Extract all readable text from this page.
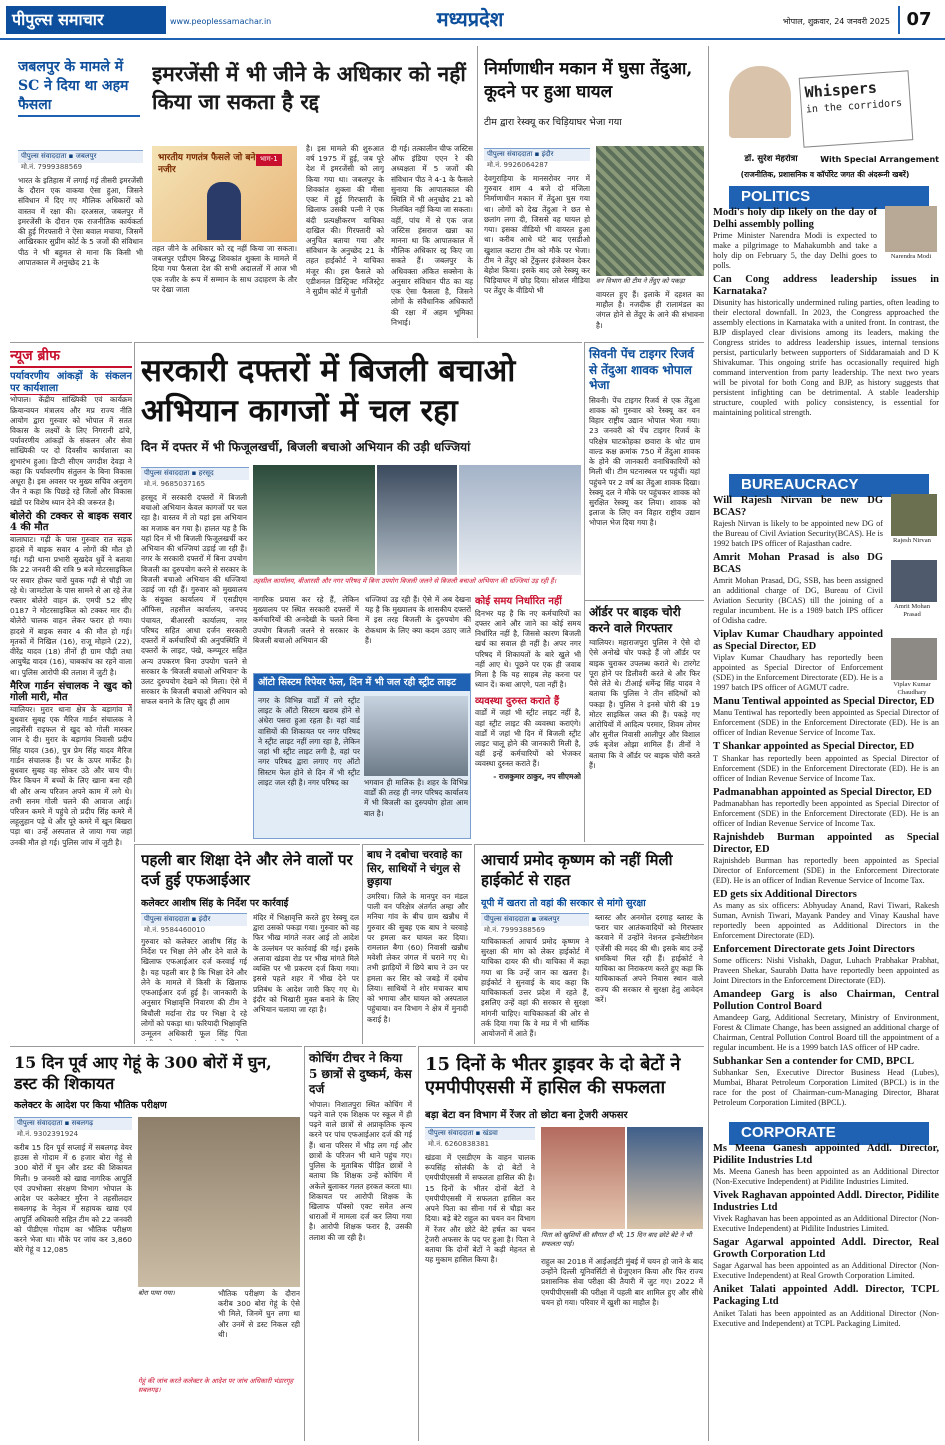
पीपुल्स समाचार	www.peoplessamachar.in	मध्यप्रदेश	भोपाल, शुक्रवार, 24 जनवरी 2025 07
जबलपुर के मामले में SC ने दिया था अहम फैसला
इमरजेंसी में भी जीने के अधिकार को नहीं किया जा सकता है रद्द
पीपुल्स संवाददाता ▪ जबलपुर
मो.नं. 7999388569
भारत के इतिहास में लगाई गई तीसरी इमरजेंसी के दौरान एक वाकया ऐसा हुआ, जिसने संविधान में दिए गए मौलिक अधिकारों को वास्तव में रक्षा की। दरअसल, जबलपुर में इमरजेंसी के दौरान एक राजनीतिक कार्यकर्ता की हुई गिरफ्तारी ने ऐसा बवाल मचाया, जिसमें आखिरकार सुप्रीम कोर्ट के 5 जजों की संविधान पीठ ने भी बहुमत से माना कि किसी भी आपातकाल में अनुच्छेद 21 के
भारतीय गणतंत्र फैसले जो बने नजीर
भाग-1
तहत जीने के अधिकार को रद्द नहीं किया जा सकता। जबलपुर एडीएम बिरुद्ध शिवकांत शुक्ला के मामले में दिया गया फैसला देश की सभी अदालतों में आज भी एक नजीर के रूप में सम्मान के साथ उदाहरण के तौर पर देखा जाता
है। इस मामले की शुरुआत वर्ष 1975 में हुई, जब पूरे देश में इमरजेंसी को लागू किया गया था। जबलपुर के शिवकांत शुक्ला की मीसा एक्ट में हुई गिरफ्तारी के खिलाफ उसकी पत्नी ने एक बंदी प्रत्यक्षीकरण याचिका दाखिल की। गिरफ्तारी को अनुचित बताया गया और संविधान के अनुच्छेद 21 के तहत हाईकोर्ट ने याचिका मंजूर की। इस फैसले को एडीशनल डिस्ट्रिक्ट मजिस्ट्रेट ने सुप्रीम कोर्ट में चुनौती
दी गई। तत्कालीन चीफ जस्टिस ऑफ इंडिया एएन रे की अध्यक्षता में 5 जजों की संविधान पीठ ने 4-1 के फैसले सुनाया कि आपातकाल की स्थिति में भी अनुच्छेद 21 को निलंबित नहीं किया जा सकता। वहीं, पांच में से एक जज जस्टिस हंसराज खन्ना का मानना था कि आपातकाल में मौलिक अधिकार रद्द किए जा सकते हैं। जबलपुर के अधिवक्ता अंकित सक्सेना के अनुसार संविधान पीठ का यह एक ऐसा फैसला है, जिसने लोगों के संवैधानिक अधिकारों की रक्षा में अहम भूमिका निभाई।
निर्माणाधीन मकान में घुसा तेंदुआ, कूदने पर हुआ घायल
टीम द्वारा रेस्क्यू कर चिड़ियाघर भेजा गया
पीपुल्स संवाददाता ▪ इंदौर
मो.नं. 9926064287
देवगुराड़िया के मानसरोवर नगर में गुरुवार शाम 4 बजे दो मंजिला निर्माणाधीन मकान में तेंदुआ घुस गया था। लोगों को देख तेंदुआ ने छत से छलांग लगा दी, जिससे वह घायल हो गया। इसका वीडियो भी वायरल हुआ था। करीब आधे घंटे बाद एसडीओ खुशाल कटारा टीम को मौके पर भेजा। टीम ने तेंदुए को ट्रेंकुलर इंजेक्शन देकर बेहोश किया। इसके बाद उसे रेस्क्यू कर चिड़ियाघर में छोड़ दिया। सोशल मीडिया पर तेंदुए के वीडियो भी
वन विभाग की टीम ने तेंदुए को पकड़ा
वायरल हुए हैं। इलाके में दहशत का माहौल है। नजदीक ही रालामंडल का जंगल होने से तेंदुए के आने की संभावना है।
Whispers
in the corridors
डॉ. सुरेश मेहरोत्रा	With Special Arrangement
(राजनीतिक, प्रशासनिक व कॉर्पोरेट जगत की अंदरूनी खबरें)
POLITICS
Narendra Modi
Modi's holy dip likely on the day of Delhi assembly polling
Prime Minister Narendra Modi is expected to make a pilgrimage to Mahakumbh and take a holy dip on February 5, the day Delhi goes to polls.
Can Cong address leadership issues in Karnataka?
Disunity has historically undermined ruling parties, often leading to their electoral downfall. In 2023, the Congress approached the assembly elections in Karnataka with a united front. In contrast, the BJP displayed clear divisions among its leaders, making the Congress strides to address leadership issues, internal tensions persist, particularly between supporters of Siddaramaiah and D K Shivakumar. This ongoing strife has occasionally required high command intervention from party leadership. The next two years will be pivotal for both Cong and BJP, as history suggests that persistent infighting can be detrimental. A stable leadership structure, coupled with policy consistency, is essential for maintaining political strength.
BUREAUCRACY
Rajesh Nirvan
Amrit Mohan Prasad
Viplav Kumar Chaudhary
Will Rajesh Nirvan be new DG BCAS?
Rajesh Nirvan is likely to be appointed new DG of the Bureau of Civil Aviation Security(BCAS). He is 1992 batch IPS officer of Rajasthan cadre.
Amrit Mohan Prasad is also DG BCAS
Amrit Mohan Prasad, DG, SSB, has been assigned an additional charge of DG, Bureau of Civil Aviation Security (BCAS) till the joining of a regular incumbent. He is a 1989 batch IPS officer of Odisha cadre.
Viplav Kumar Chaudhary appointed as Special Director, ED
Viplav Kumar Chaudhary has reportedly been appointed as Special Director of Enforcement (SDE) in the Enforcement Directorate (ED). He is a 1997 batch IPS officer of AGMUT cadre.
Manu Tentiwal appointed as Special Director, ED
Manu Tentiwal has reportedly been appointed as Special Director of Enforcement (SDE) in the Enforcement Directorate (ED). He is an officer of Indian Revenue Service of Income Tax.
T Shankar appointed as Special Director, ED
T Shankar has reportedly been appointed as Special Director of Enforcement (SDE) in the Enforcement Directorate (ED). He is an officer of Indian Revenue Service of Income Tax.
Padmanabhan appointed as Special Director, ED
Padmanabhan has reportedly been appointed as Special Director of Enforcement (SDE) in the Enforcement Directorate (ED). He is an officer of Indian Revenue Service of Income Tax.
Rajnishdeb Burman appointed as Special Director, ED
Rajnishdeb Burman has reportedly been appointed as Special Director of Enforcement (SDE) in the Enforcement Directorate (ED). He is an officer of Indian Revenue Service of Income Tax.
ED gets six Additional Directors
As many as six officers: Abhyuday Anand, Ravi Tiwari, Rakesh Suman, Avnish Tiwari, Mayank Pandey and Vinay Kaushal have reportedly been appointed as Additional Directors in the Enforcement Directorate (ED).
Enforcement Directorate gets Joint Directors
Some officers: Nishi Vishakh, Dagur, Luhach Prabhakar Prabhat, Praveen Shekar, Saurabh Datta have reportedly been appointed as Joint Directors in the Enforcement Directorate (ED).
Amandeep Garg is also Chairman, Central Pollution Control Board
Amandeep Garg, Additional Secretary, Ministry of Environment, Forest & Climate Change, has been assigned an additional charge of Chairman, Central Pollution Control Board till the appointment of a regular incumbent. He is a 1999 batch IAS officer of HP cadre.
Subhankar Sen a contender for CMD, BPCL
Subhankar Sen, Executive Director Business Head (Lubes), Mumbai, Bharat Petroleum Corporation Limited (BPCL) is in the race for the post of Chairman-cum-Managing Director, Bharat Petroleum Corporation Limited (BPCL).
CORPORATE
Ms Meena Ganesh appointed Addl. Director, Pidilite Industries Ltd
Ms. Meena Ganesh has been appointed as an Additional Director (Non-Executive Independent) at Pidilite Industries Limited.
Vivek Raghavan appointed Addl. Director, Pidilite Industries Ltd
Vivek Raghavan has been appointed as an Additional Director (Non-Executive Independent) at Pidilite Industries Limited.
Sagar Agarwal appointed Addl. Director, Real Growth Corporation Ltd
Sagar Agarwal has been appointed as an Additional Director (Non-Executive Independent) at Real Growth Corporation Limited.
Aniket Talati appointed Addl. Director, TCPL Packaging Ltd
Aniket Talati has been appointed as an Additional Director (Non-Executive and Independent) at TCPL Packaging Limited.
न्यूज ब्रीफ
पर्यावरणीय आंकड़ों के संकलन पर कार्यशाला
भोपाल। केंद्रीय सांख्यिकी एवं कार्यक्रम क्रियान्वयन मंत्रालय और मप्र राज्य नीति आयोग द्वारा गुरुवार को भोपाल में सतत विकास के लक्ष्यों के लिए निगरानी ढांचे, पर्यावरणीय आंकड़ों के संकलन और सेवा सांख्यिकी पर दो दिवसीय कार्यशाला का शुभारंभ हुआ। डिप्टी सीएम जगदीश देवड़ा ने कहा कि पर्यावरणीय संतुलन के बिना विकास अधूरा है। इस अवसर पर मुख्य सचिव अनुराग जैन ने कहा कि पिछड़े रहे जिलों और विकास खंडों पर विशेष ध्यान देने की जरूरत है।
बोलेरो की टक्कर से बाइक सवार 4 की मौत
बालाघाट। गढ़ी के पास गुरुवार रात सड़क हादसे में बाइक सवार 4 लोगों की मौत हो गई। गढ़ी थाना प्रभारी सुखदेव धुर्वे ने बताया कि 22 जनवरी की रात्रि 9 बजे मोटरसाइकिल पर सवार होकर चारों युवक गढ़ी से चौड़ी जा रहे थे। जामटोला के पास सामने से आ रहे तेज रफ्तार बोलेरो वाहन क्रं. एमपी 52 सीए 0187 ने मोटरसाइकिल को टक्कर मार दी। बोलेरो चालक वाहन लेकर फरार हो गया। हादसे में बाइक सवार 4 की मौत हो गई। मृतकों में निखिल (16), राजू मोहाने (22), वीरेंद्र यादव (18) तीनों ही ग्राम पौढ़ी तथा आयुषेंद्र यादव (16), चाबकांच का रहने वाला था। पुलिस आरोपी की तलाश में जुटी है।
मैरिज गार्डन संचालक ने खुद को गोली मारी, मौत
ग्वालियर। मुरार थाना क्षेत्र के बड़ागांव में बुधवार सुबह एक मैरिज गार्डन संचालक ने लाइसेंसी राइफल से खुद को गोली मारकर जान दे दी। मुरार के बड़ागांव निवासी प्रदीप सिंह यादव (36), पुत्र प्रेम सिंह यादव मैरिज गार्डन संचालक हैं। घर के ऊपर मार्केट है। बुधवार सुबह वह सोकर उठे और चाय पी। फिर किचन में बच्चों के लिए खाना बना रही थी और अन्य परिजन अपने काम में लगे थे। तभी सनम गोली चलने की आवाज आई। परिजन कमरे में पहुंचे तो प्रदीप सिंह कमरे में लहूलुहान पड़े थे और पूरे कमरे में खून बिखरा पड़ा था। उन्हें अस्पताल ले जाया गया जहां उनकी मौत हो गई। पुलिस जांच में जुटी है।
सरकारी दफ्तरों में बिजली बचाओ अभियान कागजों में चल रहा
दिन में दफ्तर में भी फिजूलखर्ची, बिजली बचाओ अभियान की उड़ी धज्जियां
पीपुल्स संवाददाता ▪ हरसूद
मो.नं. 9685037165
हरसूद में सरकारी दफ्तरों में बिजली बचाओ अभियान केवल कागजों पर चल रहा है। वास्तव में तो यहां इस अभियान का मजाक बन गया है। हालत यह है कि यहां दिन में भी बिजली फिजूलखर्ची कर अभियान की धज्जियां उड़ाई जा रही हैं। नगर के सरकारी दफ्तरों में बिना उपयोग बिजली का दुरुपयोग करने से सरकार के बिजली बचाओ अभियान की धज्जियां उड़ाई जा रही हैं। गुरुवार को मुख्यालय के संयुक्त कार्यालय में एसडीएम ऑफिस, तहसील कार्यालय, जनपद पंचायत, बीआरसी कार्यालय, नगर परिषद सहित आधा दर्जन सरकारी दफ्तरों में कर्मचारियों की अनुपस्थिति में दफ्तरों के लाइट, पंखे, कम्प्यूटर सहित अन्य उपकरण बिना उपयोग चलने से सरकार के 'बिजली बचाओ अभियान' के उलट दुरुपयोग देखने को मिला। ऐसे में सरकार के बिजली बचाओ अभियान को सफल बनाने के लिए खुद ही आम
तहसील कार्यालय, बीआरसी और नगर परिषद में बिना उपयोग बिजली जलने से बिजली बचाओ अभियान की धज्जियां उड़ रही हैं।
नागरिक प्रयास कर रहे हैं, लेकिन मुख्यालय पर स्थित सरकारी दफ्तरों में कर्मचारियों की अनदेखी के चलते बिना उपयोग बिजली जलने से सरकार के बिजली बचाओ अभियान की
धज्जियां उड़ रही हैं। ऐसे में अब देखना यह है कि मुख्यालय के शासकीय दफ्तरों में इस तरह बिजली के दुरुपयोग की रोकथाम के लिए क्या कदम उठाए जाते हैं।
ऑटो सिस्टम रिपेयर फेल, दिन में भी जल रही स्ट्रीट लाइट
नगर के विभिन्न वार्डों में लगे स्ट्रीट लाइट के ऑटो सिस्टम खराब होने से अंधेरा पसरा हुआ रहता है। वहां वार्ड वासियों की शिकायत पर नगर परिषद ने स्ट्रीट लाइट नहीं लगा रहा है, लेकिन जहां भी स्ट्रीट लाइट लगी है, वहां पर नगर परिषद द्वारा लगाए गए ऑटो सिस्टम फेल होने से दिन में भी स्ट्रीट लाइट जल रही है। नगर परिषद का	भगवान ही मालिक है। शहर के विभिन्न वार्डों की तरह ही नगर परिषद कार्यालय में भी बिजली का दुरुपयोग होता आम बात है।
कोई समय निर्धारित नहीं
दिनभर यह है कि नए कर्मचारियों का दफ्तर आने और जाने का कोई समय निर्धारित नहीं है, जिससे कारण बिजली खर्च का सवाल ही नहीं है। अपर नगर परिषद में शिकायतों के बारे खुले भी नहीं आए थे। पूछने पर एक ही जवाब मिला है कि यह साहब लेह करना पर ध्यान दें। कथा आएगे, पता नहीं है।
व्यवस्था दुरुस्त कराते हैं
वार्डों में जहां भी स्ट्रीट लाइट नहीं है, वहां स्ट्रीट लाइट की व्यवस्था कराएंगे। वार्डों में जहां भी दिन में बिजली स्ट्रीट लाइट चालू होने की जानकारी मिली है, वहीं इन्हें कर्मचारियों को भेजकर व्यवस्था दुरुस्त कराते हैं।
- राजकुमार ठाकुर, नप सीएमओ
सिवनी पेंच टाइगर रिजर्व से तेंदुआ शावक भोपाल भेजा
सिवनी। पेंच टाइगर रिजर्व से एक तेंदुआ शावक को गुरुवार को रेस्क्यू कर वन विहार राष्ट्रीय उद्यान भोपाल भेजा गया। 23 जनवरी को पेंच टाइगर रिजर्व के परिक्षेत्र घाटकोहका छवारा के थोट ग्राम वाल्ड कक्ष क्रमांक 750 में तेंदुआ शावक के होने की जानकारी वनाधिकारियों को मिली थी। टीम घटनास्थल पर पहुंचीं। यहां पहुंचने पर 2 वर्ष का तेंदुआ शावक दिखा। रेस्क्यू दल ने मौके पर पहुंचकर शावक को सुरक्षित रेस्क्यू कर लिया। शावक को इलाज के लिए वन विहार राष्ट्रीय उद्यान भोपाल भेज दिया गया है।
ऑर्डर पर बाइक चोरी करने वाले गिरफ्तार
ग्वालियर। महाराजपुरा पुलिस ने ऐसे दो ऐसे अनोखे चोर पकड़े हैं जो ऑर्डर पर बाइक चुराकर उपलब्ध कराते थे। टारगेट पूरा होने पर डिलीवरी करते थे और फिर पैसे लेते थे। टीआई धर्मेन्द्र सिंह यादव ने बताया कि पुलिस ने तीन संदिग्धों को पकड़ा है। पुलिस ने इनसे चोरी की 19 मोटर साइकिल जब्त की हैं। पकड़े गए आरोपियों में आदित्य परमार, शिवम तोमर और सुनील निवासी आलीपुर और विशाल उर्फ बृजेश ओझा शामिल हैं। तीनों ने बताया कि वे ऑर्डर पर बाइक चोरी करते हैं।
पहली बार शिक्षा देने और लेने वालों पर दर्ज हुई एफआईआर
कलेक्टर आशीष सिंह के निर्देश पर कार्रवाई
पीपुल्स संवाददाता ▪ इंदौर
मो.नं. 9584460010
गुरुवार को कलेक्टर आशीष सिंह के निर्देश पर भिक्षा लेने और देने वाले के खिलाफ एफआईआर दर्ज करवाई गई है। यह पहली बार है कि भिक्षा देने और लेने के मामले में किसी के खिलाफ एफआईआर दर्ज हुई है। जानकारी के अनुसार भिक्षावृत्ति निवारण की टीम ने बिचौली मर्दाना रोड पर भिक्षा दे रहे लोगों को पकड़ा था। फरियादी भिक्षावृत्ति उन्मूलन अधिकारी फूल सिंह पिता
मंदिर में भिक्षावृत्ति करते हुए रेस्क्यू दल द्वारा उसको पकड़ा गया। गुरुवार को वह फिर भीख मांगते नजर आई तो आदेश के उल्लंघन पर कार्रवाई की गई। इसके अलावा खंडवा रोड पर भीख मांगते मिले व्यक्ति पर भी प्रकरण दर्ज किया गया। इससे पहले शहर में भीख देने पर प्रतिबंध के आदेश जारी किए गए थे। इंदौर को भिखारी मुक्त बनाने के लिए अभियान चलाया जा रहा है।
बाघ ने दबोचा चरवाहे का सिर, साथियों ने चंगुल से छुड़ाया
उमरिया। जिले के मानपुर वन मंडल पाली वन परिक्षेत्र अंतर्गत अम्हा और मनिया गांव के बीच ग्राम खन्नौध में गुरुवार की सुबह एक बाघ ने चरवाहे पर हमला कर घायल कर दिया। रामलाल बैगा (60) निवासी खन्नौध मवेशी लेकर जंगल में चराने गए थे। तभी झाड़ियों में छिपे बाघ ने उन पर हमला कर सिर को जबड़े में दबोच लिया। साथियों ने शोर मचाकर बाघ को भगाया और घायल को अस्पताल पहुंचाया। वन विभाग ने क्षेत्र में मुनादी कराई है।
आचार्य प्रमोद कृष्णम को नहीं मिली हाईकोर्ट से राहत
यूपी में खतरा तो वहां की सरकार से मांगो सुरक्षा
पीपुल्स संवाददाता ▪ जबलपुर
मो.नं. 7999388569
याचिकाकर्ता आचार्य प्रमोद कृष्णम ने सुरक्षा की मांग को लेकर हाईकोर्ट में याचिका दायर की थी। याचिका में कहा गया था कि उन्हें जान का खतरा है। हाईकोर्ट ने सुनवाई के बाद कहा कि याचिकाकर्ता उत्तर प्रदेश में रहते हैं, इसलिए उन्हें वहां की सरकार से सुरक्षा मांगनी चाहिए। याचिकाकर्ता की ओर से तर्क दिया गया कि वे मप्र में भी धार्मिक आयोजनों में आते हैं।
ब्लास्ट और अनमोल दरगाह ब्लास्ट के फरार चार आतंकवादियों को गिरफ्तार करवाने में उन्होंने नेशनल इन्वेस्टीगेशन एजेंसी की मदद की थी। इसके बाद उन्हें धमकियां मिल रही हैं। हाईकोर्ट ने याचिका का निराकरण करते हुए कहा कि याचिकाकर्ता अपने निवास स्थान वाले राज्य की सरकार से सुरक्षा हेतु आवेदन करें।
15 दिन पूर्व आए गेहूं के 300 बोरों में घुन, डस्ट की शिकायत
कलेक्टर के आदेश पर किया भौतिक परीक्षण
पीपुल्स संवाददाता ▪ सबलगढ़
मो.नं. 9302391924
करीब 15 दिन पूर्व सप्लाई में सबलगढ़ वेयर हाउस से गोदाम में 6 हजार बोरा गेहूं से 300 बोरों में घुन और डस्ट की शिकायत मिली। 9 जनवरी को खाद्य नागरिक आपूर्ति एवं उपभोक्ता संरक्षण विभाग भोपाल के आदेश पर कलेक्टर मुरैना ने तहसीलदार सबलगढ़ के नेतृत्व में सहायक खाद्य एवं आपूर्ति अधिकारी सहित टीम को 22 जनवरी को पीडीएस गोदाम का भौतिक परीक्षण करने भेजा था। मौके पर जांच कर 3,860 बोरे गेहूं व 12,085
बोरा पाया गया।	भौतिक परीक्षण के दौरान करीब 300 बोरा गेहूं के ऐसे भी मिले, जिनमें घुन लगा था और उनमें से डस्ट निकल रही थी।
गेहूं की जांच करते कलेक्टर के आदेश पर जांच अधिकारी भंडारगृह सबलगढ़।
कोचिंग टीचर ने किया 5 छात्रों से दुष्कर्म, केस दर्ज
भोपाल। निशातपुरा स्थित कोचिंग में पढ़ने वाले एक शिक्षक पर स्कूल में ही पढ़ने वाले छात्रों से अप्राकृतिक कृत्य करने पर पांच एफआईआर दर्ज की गई हैं। थाना परिसर में भीड़ लग गई और छात्रों के परिजन भी थाने पहुंच गए। पुलिस के मुताबिक पीड़ित छात्रों ने बताया कि शिक्षक उन्हें कोचिंग में अकेले बुलाकर गलत हरकत करता था। शिकायत पर आरोपी शिक्षक के खिलाफ पॉक्सो एक्ट समेत अन्य धाराओं में मामला दर्ज कर लिया गया है। आरोपी शिक्षक फरार है, उसकी तलाश की जा रही है।
15 दिनों के भीतर ड्राइवर के दो बेटों ने एमपीपीएससी में हासिल की सफलता
बड़ा बेटा वन विभाग में रेंजर तो छोटा बना ट्रेजरी अफसर
पीपुल्स संवाददाता ▪ खंडवा
मो.नं. 6260838381
खंडवा में एसडीएम के वाहन चालक रूपसिंह सोलंकी के दो बेटों ने एमपीपीएससी में सफलता हासिल की है। 15 दिनों के भीतर दोनों बेटों ने एमपीपीएससी में सफलता हासिल कर अपने पिता का सीना गर्व से चौड़ा कर दिया। बड़े बेटे राहुल का चयन वन विभाग में रेंजर और छोटे बेटे हर्षल का चयन ट्रेजरी अफसर के पद पर हुआ है। पिता ने बताया कि दोनों बेटों ने कड़ी मेहनत से यह मुकाम हासिल किया है।
पिता को खुशियों की सौगात दी भी, 15 दिन बाद छोटे बेटे ने भी सफलता पाई।
राहुल का 2018 में आईआईटी मुंबई में चयन हो जाने के बाद उन्होंने दिल्ली यूनिवर्सिटी से ग्रेजुएशन किया और फिर राज्य प्रशासनिक सेवा परीक्षा की तैयारी में जुट गए। 2022 में एमपीपीएससी की परीक्षा में पहली बार शामिल हुए और सीधे चयन हो गया। परिवार में खुशी का माहौल है।
